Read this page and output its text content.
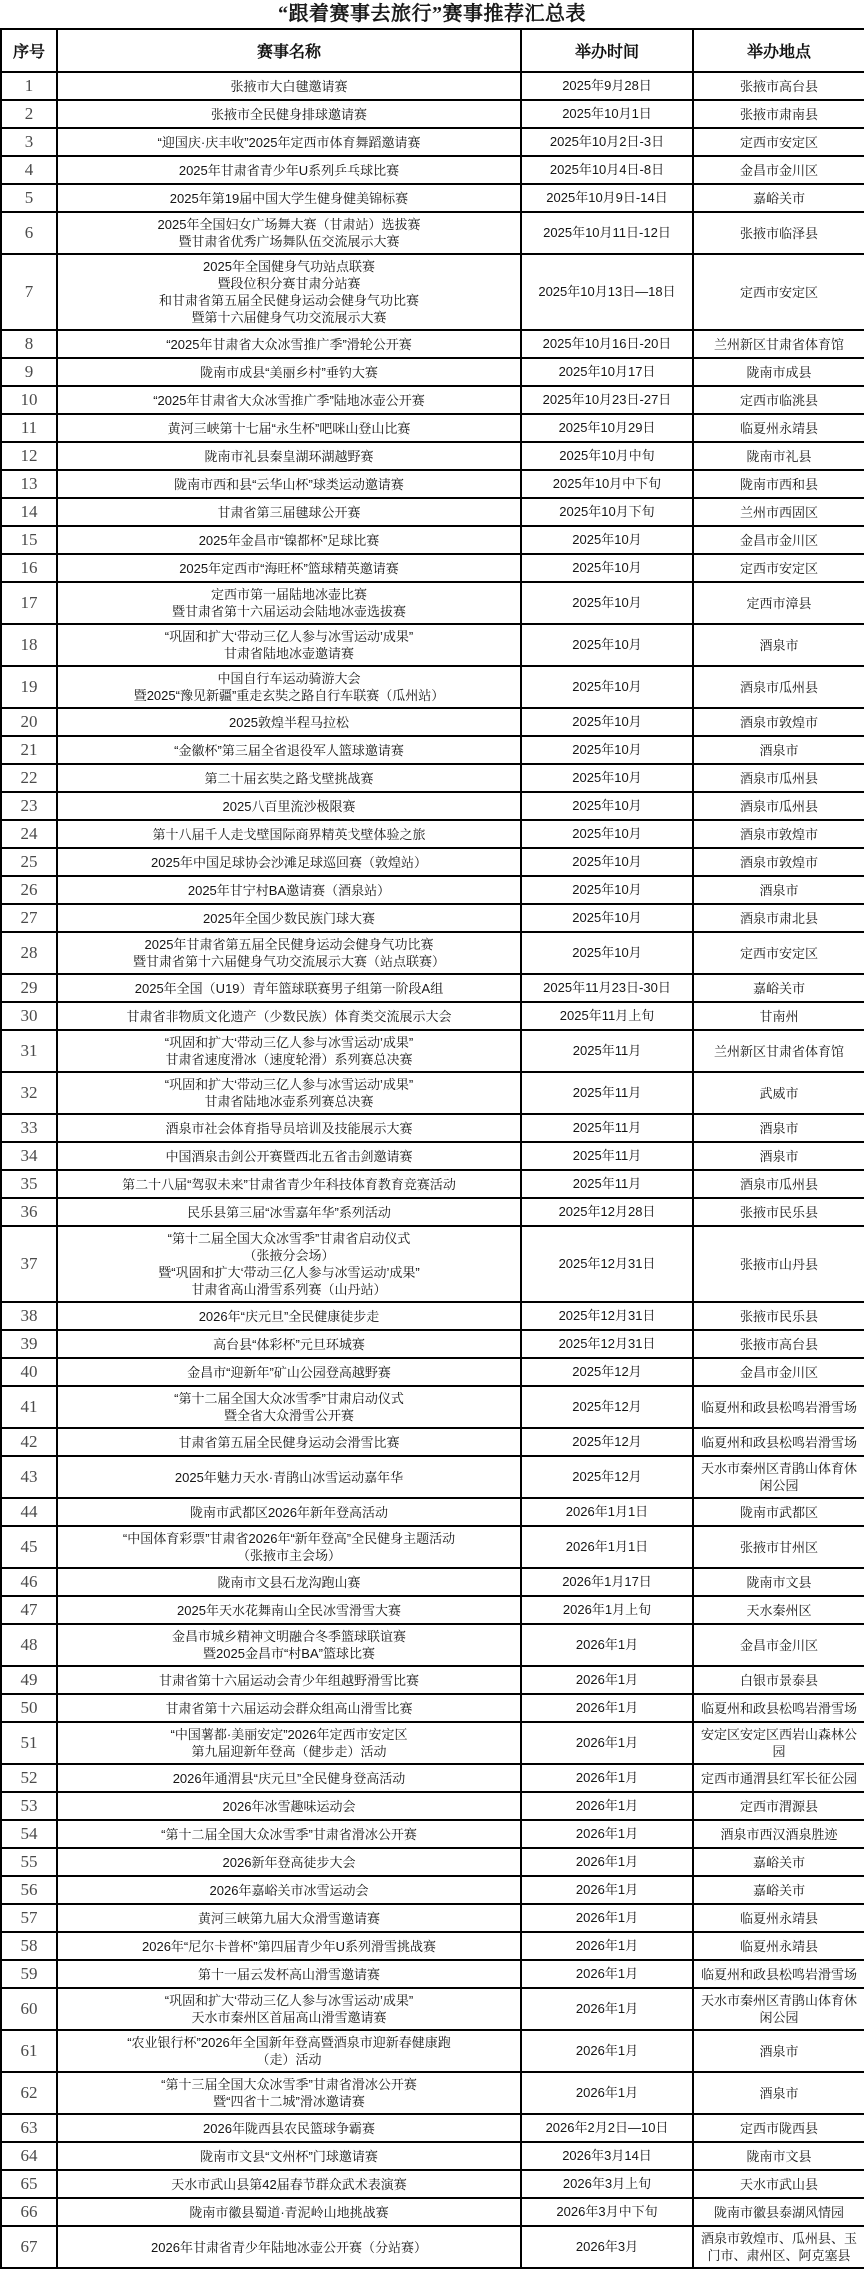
“跟着赛事去旅行”赛事推荐汇总表
序号	赛事名称	举办时间	举办地点
1	张掖市大白毽邀请赛	2025年9月28日	张掖市高台县
2	张掖市全民健身排球邀请赛	2025年10月1日	张掖市肃南县
3	“迎国庆·庆丰收”2025年定西市体育舞蹈邀请赛	2025年10月2日-3日	定西市安定区
4	2025年甘肃省青少年U系列乒乓球比赛	2025年10月4日-8日	金昌市金川区
5	2025年第19届中国大学生健身健美锦标赛	2025年10月9日-14日	嘉峪关市
6	2025年全国妇女广场舞大赛（甘肃站）选拔赛
暨甘肃省优秀广场舞队伍交流展示大赛	2025年10月11日-12日	张掖市临泽县
7	2025年全国健身气功站点联赛
暨段位积分赛甘肃分站赛
和甘肃省第五届全民健身运动会健身气功比赛
暨第十六届健身气功交流展示大赛	2025年10月13日—18日	定西市安定区
8	“2025年甘肃省大众冰雪推广季”滑轮公开赛	2025年10月16日-20日	兰州新区甘肃省体育馆
9	陇南市成县“美丽乡村”垂钓大赛	2025年10月17日	陇南市成县
10	“2025年甘肃省大众冰雪推广季”陆地冰壶公开赛	2025年10月23日-27日	定西市临洮县
11	黄河三峡第十七届“永生杯”吧咪山登山比赛	2025年10月29日	临夏州永靖县
12	陇南市礼县秦皇湖环湖越野赛	2025年10月中旬	陇南市礼县
13	陇南市西和县“云华山杯”球类运动邀请赛	2025年10月中下旬	陇南市西和县
14	甘肃省第三届毽球公开赛	2025年10月下旬	兰州市西固区
15	2025年金昌市“镍都杯”足球比赛	2025年10月	金昌市金川区
16	2025年定西市“海旺杯”篮球精英邀请赛	2025年10月	定西市安定区
17	定西市第一届陆地冰壶比赛
暨甘肃省第十六届运动会陆地冰壶选拔赛	2025年10月	定西市漳县
18	“巩固和扩大‘带动三亿人参与冰雪运动’成果”
甘肃省陆地冰壶邀请赛	2025年10月	酒泉市
19	中国自行车运动骑游大会
暨2025“豫见新疆”重走玄奘之路自行车联赛（瓜州站）	2025年10月	酒泉市瓜州县
20	2025敦煌半程马拉松	2025年10月	酒泉市敦煌市
21	“金徽杯”第三届全省退役军人篮球邀请赛	2025年10月	酒泉市
22	第二十届玄奘之路戈壁挑战赛	2025年10月	酒泉市瓜州县
23	2025八百里流沙极限赛	2025年10月	酒泉市瓜州县
24	第十八届千人走戈壁国际商界精英戈壁体验之旅	2025年10月	酒泉市敦煌市
25	2025年中国足球协会沙滩足球巡回赛（敦煌站）	2025年10月	酒泉市敦煌市
26	2025年甘宁村BA邀请赛（酒泉站）	2025年10月	酒泉市
27	2025年全国少数民族门球大赛	2025年10月	酒泉市肃北县
28	2025年甘肃省第五届全民健身运动会健身气功比赛
暨甘肃省第十六届健身气功交流展示大赛（站点联赛）	2025年10月	定西市安定区
29	2025年全国（U19）青年篮球联赛男子组第一阶段A组	2025年11月23日-30日	嘉峪关市
30	甘肃省非物质文化遗产（少数民族）体育类交流展示大会	2025年11月上旬	甘南州
31	“巩固和扩大‘带动三亿人参与冰雪运动’成果”
甘肃省速度滑冰（速度轮滑）系列赛总决赛	2025年11月	兰州新区甘肃省体育馆
32	“巩固和扩大‘带动三亿人参与冰雪运动’成果”
甘肃省陆地冰壶系列赛总决赛	2025年11月	武威市
33	酒泉市社会体育指导员培训及技能展示大赛	2025年11月	酒泉市
34	中国酒泉击剑公开赛暨西北五省击剑邀请赛	2025年11月	酒泉市
35	第二十八届“驾驭未来”甘肃省青少年科技体育教育竞赛活动	2025年11月	酒泉市瓜州县
36	民乐县第三届“冰雪嘉年华”系列活动	2025年12月28日	张掖市民乐县
37	“第十二届全国大众冰雪季”甘肃省启动仪式
（张掖分会场）
暨“巩固和扩大‘带动三亿人参与冰雪运动’成果”
甘肃省高山滑雪系列赛（山丹站）	2025年12月31日	张掖市山丹县
38	2026年“庆元旦”全民健康徒步走	2025年12月31日	张掖市民乐县
39	高台县“体彩杯”元旦环城赛	2025年12月31日	张掖市高台县
40	金昌市“迎新年”矿山公园登高越野赛	2025年12月	金昌市金川区
41	“第十二届全国大众冰雪季”甘肃启动仪式
暨全省大众滑雪公开赛	2025年12月	临夏州和政县松鸣岩滑雪场
42	甘肃省第五届全民健身运动会滑雪比赛	2025年12月	临夏州和政县松鸣岩滑雪场
43	2025年魅力天水·青鹃山冰雪运动嘉年华	2025年12月	天水市秦州区青鹃山体育休闲公园
44	陇南市武都区2026年新年登高活动	2026年1月1日	陇南市武都区
45	“中国体育彩票”甘肃省2026年“新年登高”全民健身主题活动
（张掖市主会场）	2026年1月1日	张掖市甘州区
46	陇南市文县石龙沟跑山赛	2026年1月17日	陇南市文县
47	2025年天水花舞南山全民冰雪滑雪大赛	2026年1月上旬	天水秦州区
48	金昌市城乡精神文明融合冬季篮球联谊赛
暨2025金昌市“村BA”篮球比赛	2026年1月	金昌市金川区
49	甘肃省第十六届运动会青少年组越野滑雪比赛	2026年1月	白银市景泰县
50	甘肃省第十六届运动会群众组高山滑雪比赛	2026年1月	临夏州和政县松鸣岩滑雪场
51	“中国薯都·美丽安定”2026年定西市安定区
第九届迎新年登高（健步走）活动	2026年1月	安定区安定区西岩山森林公园
52	2026年通渭县“庆元旦”全民健身登高活动	2026年1月	定西市通渭县红军长征公园
53	2026年冰雪趣味运动会	2026年1月	定西市渭源县
54	“第十二届全国大众冰雪季”甘肃省滑冰公开赛	2026年1月	酒泉市西汉酒泉胜迹
55	2026新年登高徒步大会	2026年1月	嘉峪关市
56	2026年嘉峪关市冰雪运动会	2026年1月	嘉峪关市
57	黄河三峡第九届大众滑雪邀请赛	2026年1月	临夏州永靖县
58	2026年“尼尔卡普杯”第四届青少年U系列滑雪挑战赛	2026年1月	临夏州永靖县
59	第十一届云发杯高山滑雪邀请赛	2026年1月	临夏州和政县松鸣岩滑雪场
60	“巩固和扩大‘带动三亿人参与冰雪运动’成果”
天水市秦州区首届高山滑雪邀请赛	2026年1月	天水市秦州区青鹃山体育休闲公园
61	“农业银行杯”2026年全国新年登高暨酒泉市迎新春健康跑
（走）活动	2026年1月	酒泉市
62	“第十三届全国大众冰雪季”甘肃省滑冰公开赛
暨“四省十二城”滑冰邀请赛	2026年1月	酒泉市
63	2026年陇西县农民篮球争霸赛	2026年2月2日—10日	定西市陇西县
64	陇南市文县“文州杯”门球邀请赛	2026年3月14日	陇南市文县
65	天水市武山县第42届春节群众武术表演赛	2026年3月上旬	天水市武山县
66	陇南市徽县蜀道·青泥岭山地挑战赛	2026年3月中下旬	陇南市徽县泰湖风情园
67	2026年甘肃省青少年陆地冰壶公开赛（分站赛）	2026年3月	酒泉市敦煌市、瓜州县、玉门市、肃州区、阿克塞县
